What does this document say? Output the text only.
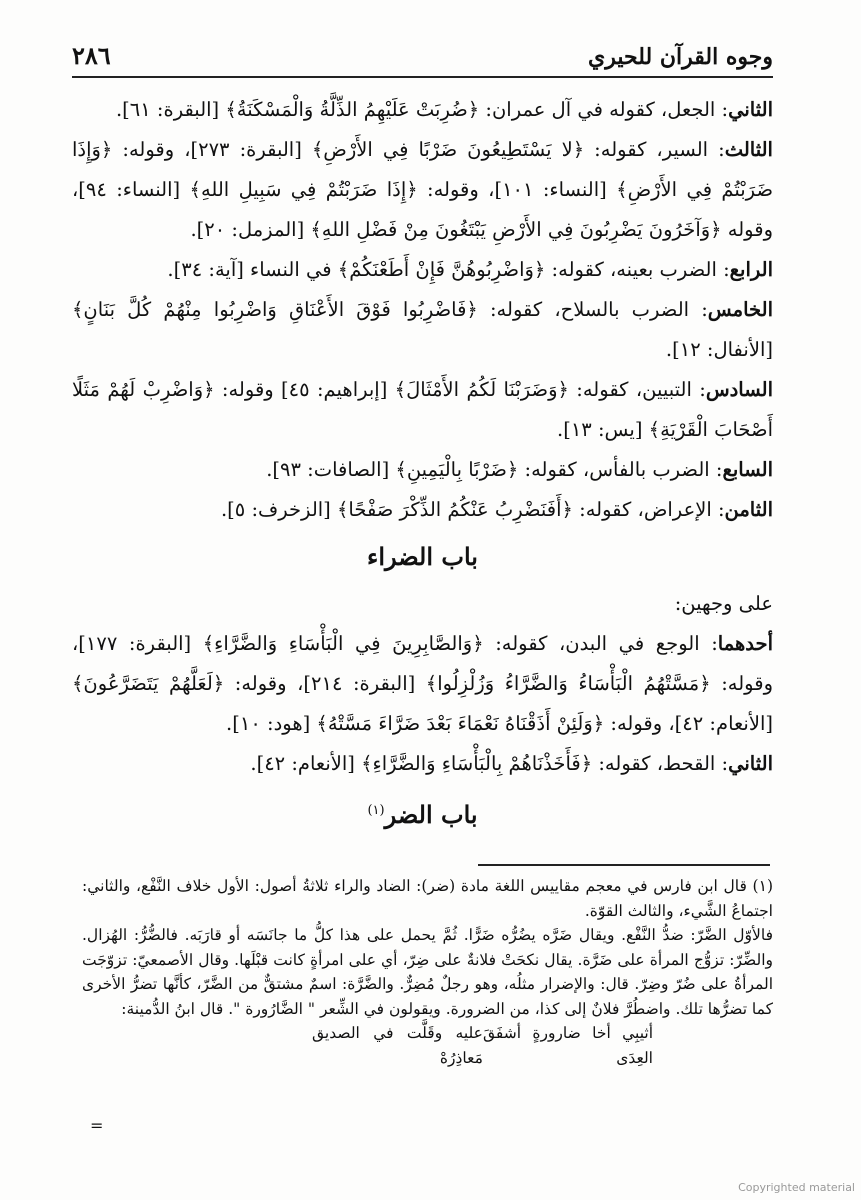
وجوه القرآن للحيري
٢٨٦

الثاني: الجعل، كقوله في آل عمران: ﴿ضُرِبَتْ عَلَيْهِمُ الذِّلَّةُ وَالْمَسْكَنَةُ﴾ [البقرة: ٦١].

الثالث: السير، كقوله: ﴿لا يَسْتَطِيعُونَ ضَرْبًا فِي الأَرْضِ﴾ [البقرة: ٢٧٣]، وقوله: ﴿وَإِذَا ضَرَبْتُمْ فِي الأَرْضِ﴾ [النساء: ١٠١]، وقوله: ﴿إِذَا ضَرَبْتُمْ فِي سَبِيلِ اللهِ﴾ [النساء: ٩٤]، وقوله ﴿وَآخَرُونَ يَضْرِبُونَ فِي الأَرْضِ يَبْتَغُونَ مِنْ فَضْلِ اللهِ﴾ [المزمل: ٢٠].

الرابع: الضرب بعينه، كقوله: ﴿وَاضْرِبُوهُنَّ فَإِنْ أَطَعْنَكُمْ﴾ في النساء [آية: ٣٤].

الخامس: الضرب بالسلاح، كقوله: ﴿فَاضْرِبُوا فَوْقَ الأَعْنَاقِ وَاضْرِبُوا مِنْهُمْ كُلَّ بَنَانٍ﴾ [الأنفال: ١٢].

السادس: التبيين، كقوله: ﴿وَضَرَبْنَا لَكُمُ الأَمْثَالَ﴾ [إبراهيم: ٤٥] وقوله: ﴿وَاضْرِبْ لَهُمْ مَثَلًا أَصْحَابَ الْقَرْيَةِ﴾ [يس: ١٣].

السابع: الضرب بالفأس، كقوله: ﴿ضَرْبًا بِالْيَمِينِ﴾ [الصافات: ٩٣].

الثامن: الإعراض، كقوله: ﴿أَفَنَضْرِبُ عَنْكُمُ الذِّكْرَ صَفْحًا﴾ [الزخرف: ٥].

باب الضراء

على وجهين:

أحدهما: الوجع في البدن، كقوله: ﴿وَالصَّابِرِينَ فِي الْبَأْسَاءِ وَالضَّرَّاءِ﴾ [البقرة: ١٧٧]، وقوله: ﴿مَسَّتْهُمُ الْبَأْسَاءُ وَالضَّرَّاءُ وَزُلْزِلُوا﴾ [البقرة: ٢١٤]، وقوله: ﴿لَعَلَّهُمْ يَتَضَرَّعُونَ﴾ [الأنعام: ٤٢]، وقوله: ﴿وَلَئِنْ أَذَقْنَاهُ نَعْمَاءَ بَعْدَ ضَرَّاءَ مَسَّتْهُ﴾ [هود: ١٠].

الثاني: القحط، كقوله: ﴿فَأَخَذْنَاهُمْ بِالْبَأْسَاءِ وَالضَّرَّاءِ﴾ [الأنعام: ٤٢].

باب الضر$^{(١)}$

(١) قال ابن فارس في معجم مقاييس اللغة مادة (ضر): الضاد والراء ثلاثةُ أصول: الأول خلاف النَّفْع، والثاني: اجتماعُ الشَّيء، والثالث القوّة.

فالأوّل الضَّرّ: ضدُّ النَّفْع. ويقال ضَرَّه يضُرُّه ضَرًّا. ثُمَّ يحمل على هذا كلُّ ما جانَسَه أو قارَبَه. فالضُّرُّ: الهُزال. والضِّرّ: تزوُّج المرأة على ضَرَّة. يقال نكحَتْ فلانةٌ على ضِرّ، أي على امرأةٍ كانت قبْلَها. وقال الأصمعيّ: تزوّجَت المرأةُ على ضُرّ وضِرّ. قال: والإضرار مثلُه، وهو رجلٌ مُضِرٌّ. والضَّرَّة: اسمٌ مشتقٌّ من الضَّرّ، كأنَّها تضرُّ الأخرى كما تضرُّها تلك. واضطُرَّ فلانٌ إلى كذا، من الضرورة. ويقولون في الشِّعر " الضَّارُورة ". قال ابنُ الدُّمينة:

أثيبِي أخا ضارورةٍ أشفَقَ العِدَى
عليه وقَلَّت في الصديق مَعاذِرُهْ

=
Copyrighted material
